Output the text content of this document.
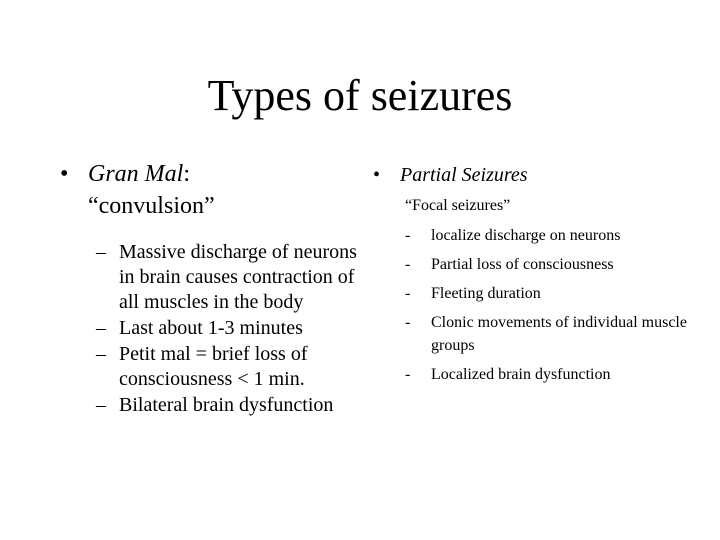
Types of seizures
• Gran Mal:
“convulsion”
– Massive discharge of neurons in brain causes contraction of all muscles in the body
– Last about 1-3 minutes
– Petit mal = brief loss of consciousness < 1 min.
– Bilateral brain dysfunction
• Partial Seizures
“Focal seizures”
- localize discharge on neurons
- Partial loss of consciousness
- Fleeting duration
- Clonic movements of individual muscle groups
- Localized brain dysfunction
